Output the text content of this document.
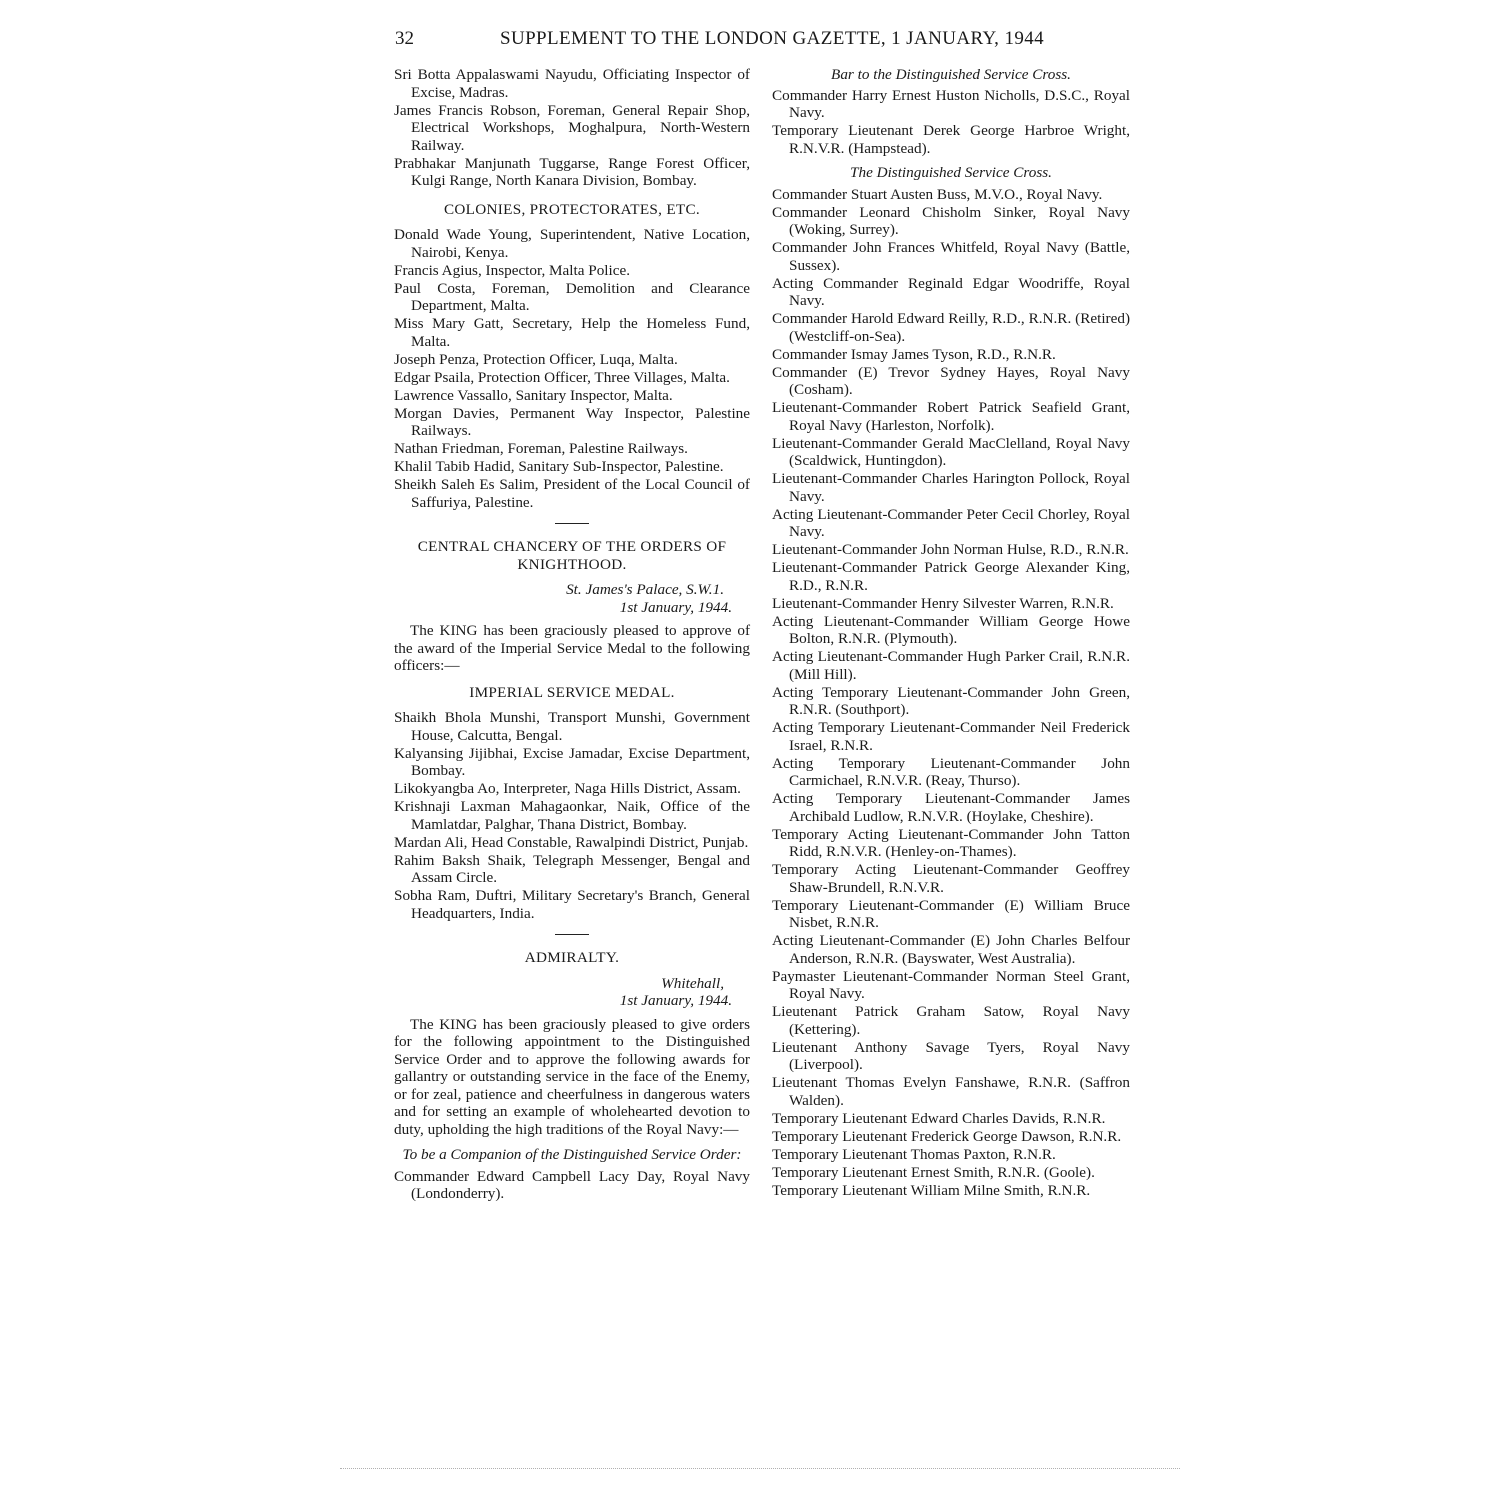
32	SUPPLEMENT TO THE LONDON GAZETTE, 1 JANUARY, 1944
Sri Botta Appalaswami Nayudu, Officiating Inspector of Excise, Madras.
James Francis Robson, Foreman, General Repair Shop, Electrical Workshops, Moghalpura, North-Western Railway.
Prabhakar Manjunath Tuggarse, Range Forest Officer, Kulgi Range, North Kanara Division, Bombay.
COLONIES, PROTECTORATES, ETC.
Donald Wade Young, Superintendent, Native Location, Nairobi, Kenya.
Francis Agius, Inspector, Malta Police.
Paul Costa, Foreman, Demolition and Clearance Department, Malta.
Miss Mary Gatt, Secretary, Help the Homeless Fund, Malta.
Joseph Penza, Protection Officer, Luqa, Malta.
Edgar Psaila, Protection Officer, Three Villages, Malta.
Lawrence Vassallo, Sanitary Inspector, Malta.
Morgan Davies, Permanent Way Inspector, Palestine Railways.
Nathan Friedman, Foreman, Palestine Railways.
Khalil Tabib Hadid, Sanitary Sub-Inspector, Palestine.
Sheikh Saleh Es Salim, President of the Local Council of Saffuriya, Palestine.
CENTRAL CHANCERY OF THE ORDERS OF KNIGHTHOOD.
St. James's Palace, S.W.1.
1st January, 1944.
The KING has been graciously pleased to approve of the award of the Imperial Service Medal to the following officers:—
IMPERIAL SERVICE MEDAL.
Shaikh Bhola Munshi, Transport Munshi, Government House, Calcutta, Bengal.
Kalyansing Jijibhai, Excise Jamadar, Excise Department, Bombay.
Likokyangba Ao, Interpreter, Naga Hills District, Assam.
Krishnaji Laxman Mahagaonkar, Naik, Office of the Mamlatdar, Palghar, Thana District, Bombay.
Mardan Ali, Head Constable, Rawalpindi District, Punjab.
Rahim Baksh Shaik, Telegraph Messenger, Bengal and Assam Circle.
Sobha Ram, Duftri, Military Secretary's Branch, General Headquarters, India.
ADMIRALTY.
Whitehall,
1st January, 1944.
The KING has been graciously pleased to give orders for the following appointment to the Distinguished Service Order and to approve the following awards for gallantry or outstanding service in the face of the Enemy, or for zeal, patience and cheerfulness in dangerous waters and for setting an example of wholehearted devotion to duty, upholding the high traditions of the Royal Navy:—
To be a Companion of the Distinguished Service Order:
Commander Edward Campbell Lacy Day, Royal Navy (Londonderry).
Bar to the Distinguished Service Cross.
Commander Harry Ernest Huston Nicholls, D.S.C., Royal Navy.
Temporary Lieutenant Derek George Harbroe Wright, R.N.V.R. (Hampstead).
The Distinguished Service Cross.
Commander Stuart Austen Buss, M.V.O., Royal Navy.
Commander Leonard Chisholm Sinker, Royal Navy (Woking, Surrey).
Commander John Frances Whitfeld, Royal Navy (Battle, Sussex).
Acting Commander Reginald Edgar Woodriffe, Royal Navy.
Commander Harold Edward Reilly, R.D., R.N.R. (Retired) (Westcliff-on-Sea).
Commander Ismay James Tyson, R.D., R.N.R.
Commander (E) Trevor Sydney Hayes, Royal Navy (Cosham).
Lieutenant-Commander Robert Patrick Seafield Grant, Royal Navy (Harleston, Norfolk).
Lieutenant-Commander Gerald MacClelland, Royal Navy (Scaldwick, Huntingdon).
Lieutenant-Commander Charles Harington Pollock, Royal Navy.
Acting Lieutenant-Commander Peter Cecil Chorley, Royal Navy.
Lieutenant-Commander John Norman Hulse, R.D., R.N.R.
Lieutenant-Commander Patrick George Alexander King, R.D., R.N.R.
Lieutenant-Commander Henry Silvester Warren, R.N.R.
Acting Lieutenant-Commander William George Howe Bolton, R.N.R. (Plymouth).
Acting Lieutenant-Commander Hugh Parker Crail, R.N.R. (Mill Hill).
Acting Temporary Lieutenant-Commander John Green, R.N.R. (Southport).
Acting Temporary Lieutenant-Commander Neil Frederick Israel, R.N.R.
Acting Temporary Lieutenant-Commander John Carmichael, R.N.V.R. (Reay, Thurso).
Acting Temporary Lieutenant-Commander James Archibald Ludlow, R.N.V.R. (Hoylake, Cheshire).
Temporary Acting Lieutenant-Commander John Tatton Ridd, R.N.V.R. (Henley-on-Thames).
Temporary Acting Lieutenant-Commander Geoffrey Shaw-Brundell, R.N.V.R.
Temporary Lieutenant-Commander (E) William Bruce Nisbet, R.N.R.
Acting Lieutenant-Commander (E) John Charles Belfour Anderson, R.N.R. (Bayswater, West Australia).
Paymaster Lieutenant-Commander Norman Steel Grant, Royal Navy.
Lieutenant Patrick Graham Satow, Royal Navy (Kettering).
Lieutenant Anthony Savage Tyers, Royal Navy (Liverpool).
Lieutenant Thomas Evelyn Fanshawe, R.N.R. (Saffron Walden).
Temporary Lieutenant Edward Charles Davids, R.N.R.
Temporary Lieutenant Frederick George Dawson, R.N.R.
Temporary Lieutenant Thomas Paxton, R.N.R.
Temporary Lieutenant Ernest Smith, R.N.R. (Goole).
Temporary Lieutenant William Milne Smith, R.N.R.
